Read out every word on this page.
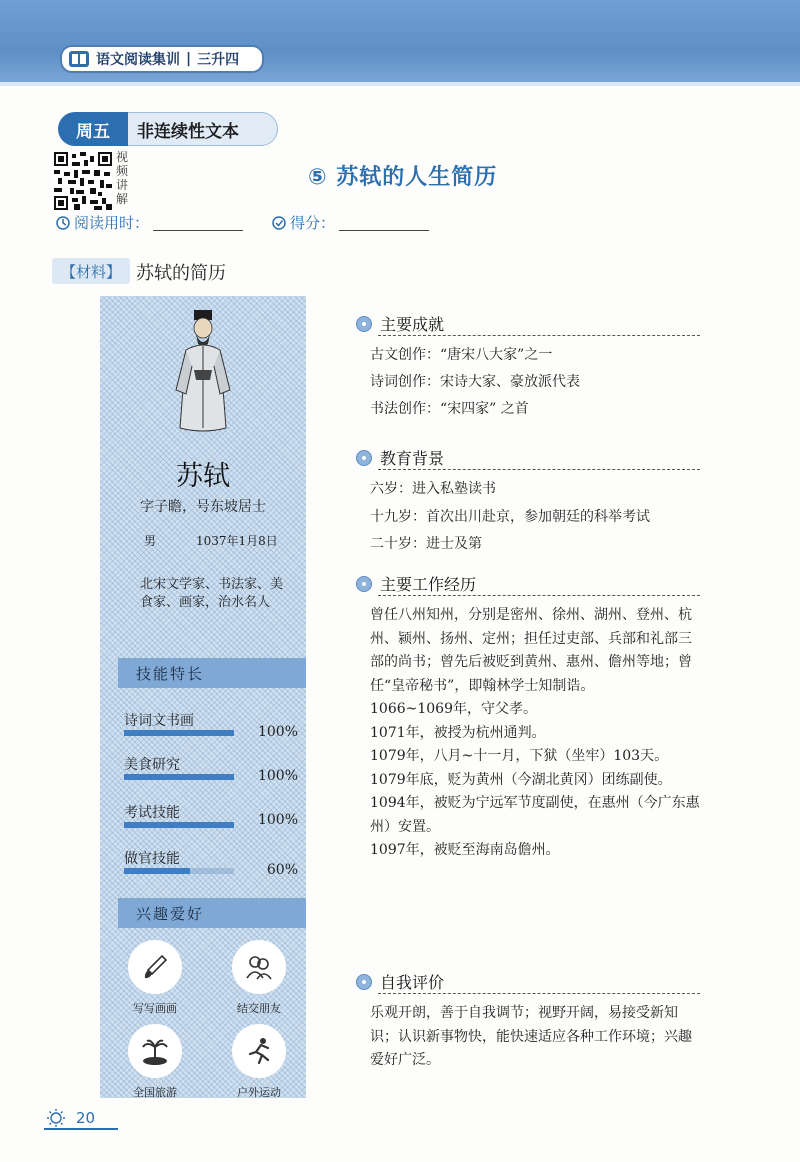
语文阅读集训 | 三升四
非连续性文本
周五
视
频
讲
解
⑤ 苏轼的人生简历
阅读用时：	得分：
【材料】 苏轼的简历
苏轼
字子瞻，号东坡居士
男	1037年1月8日
北宋文学家、书法家、美食家、画家，治水名人
技能特长
诗词文书画
100%
美食研究
100%
考试技能	100%
做官技能
60%
兴趣爱好
写写画画	结交朋友
全国旅游	户外运动
主要成就
古文创作：“唐宋八大家”之一
诗词创作：宋诗大家、豪放派代表
书法创作：“宋四家” 之首
教育背景
六岁：进入私塾读书
十九岁：首次出川赴京，参加朝廷的科举考试
二十岁：进士及第
主要工作经历
曾任八州知州，分别是密州、徐州、湖州、登州、杭州、颍州、扬州、定州；担任过吏部、兵部和礼部三部的尚书；曾先后被贬到黄州、惠州、儋州等地；曾任“皇帝秘书”，即翰林学士知制诰。
1066~1069年，守父孝。
1071年，被授为杭州通判。
1079年，八月~十一月，下狱（坐牢）103天。
1079年底，贬为黄州（今湖北黄冈）团练副使。
1094年，被贬为宁远军节度副使，在惠州（今广东惠州）安置。
1097年，被贬至海南岛儋州。
自我评价
乐观开朗，善于自我调节；视野开阔，易接受新知识；认识新事物快，能快速适应各种工作环境；兴趣爱好广泛。
20
